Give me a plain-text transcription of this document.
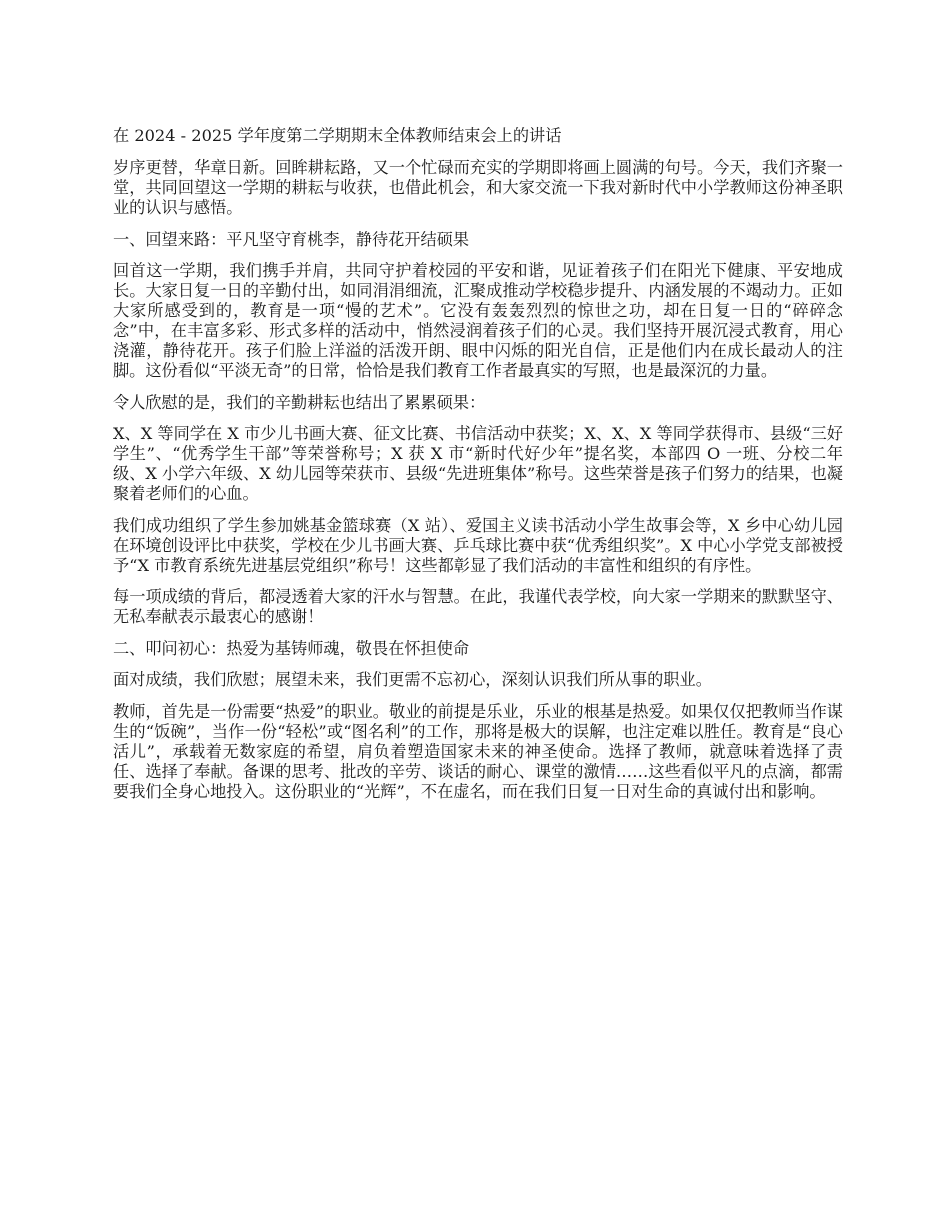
在 2024 - 2025 学年度第二学期期末全体教师结束会上的讲话

岁序更替，华章日新。回眸耕耘路，又一个忙碌而充实的学期即将画上圆满的句号。今天，我们齐聚一堂，共同回望这一学期的耕耘与收获，也借此机会，和大家交流一下我对新时代中小学教师这份神圣职业的认识与感悟。

一、回望来路：平凡坚守育桃李，静待花开结硕果

回首这一学期，我们携手并肩，共同守护着校园的平安和谐，见证着孩子们在阳光下健康、平安地成长。大家日复一日的辛勤付出，如同涓涓细流，汇聚成推动学校稳步提升、内涵发展的不竭动力。正如大家所感受到的，教育是一项“慢的艺术”。它没有轰轰烈烈的惊世之功，却在日复一日的“碎碎念念”中，在丰富多彩、形式多样的活动中，悄然浸润着孩子们的心灵。我们坚持开展沉浸式教育，用心浇灌，静待花开。孩子们脸上洋溢的活泼开朗、眼中闪烁的阳光自信，正是他们内在成长最动人的注脚。这份看似“平淡无奇”的日常，恰恰是我们教育工作者最真实的写照，也是最深沉的力量。

令人欣慰的是，我们的辛勤耕耘也结出了累累硕果：

X、X 等同学在 X 市少儿书画大赛、征文比赛、书信活动中获奖；X、X、X 等同学获得市、县级“三好学生”、“优秀学生干部”等荣誉称号；X 获 X 市“新时代好少年”提名奖，本部四 O 一班、分校二年级、X 小学六年级、X 幼儿园等荣获市、县级“先进班集体”称号。这些荣誉是孩子们努力的结果，也凝聚着老师们的心血。

我们成功组织了学生参加姚基金篮球赛（X 站）、爱国主义读书活动小学生故事会等，X 乡中心幼儿园在环境创设评比中获奖，学校在少儿书画大赛、乒乓球比赛中获“优秀组织奖”。X 中心小学党支部被授予“X 市教育系统先进基层党组织”称号！这些都彰显了我们活动的丰富性和组织的有序性。

每一项成绩的背后，都浸透着大家的汗水与智慧。在此，我谨代表学校，向大家一学期来的默默坚守、无私奉献表示最衷心的感谢！

二、叩问初心：热爱为基铸师魂，敬畏在怀担使命

面对成绩，我们欣慰；展望未来，我们更需不忘初心，深刻认识我们所从事的职业。

教师，首先是一份需要“热爱”的职业。敬业的前提是乐业，乐业的根基是热爱。如果仅仅把教师当作谋生的“饭碗”，当作一份“轻松”或“图名利”的工作，那将是极大的误解，也注定难以胜任。教育是“良心活儿”，承载着无数家庭的希望，肩负着塑造国家未来的神圣使命。选择了教师，就意味着选择了责任、选择了奉献。备课的思考、批改的辛劳、谈话的耐心、课堂的激情……这些看似平凡的点滴，都需要我们全身心地投入。这份职业的“光辉”，不在虚名，而在我们日复一日对生命的真诚付出和影响。
